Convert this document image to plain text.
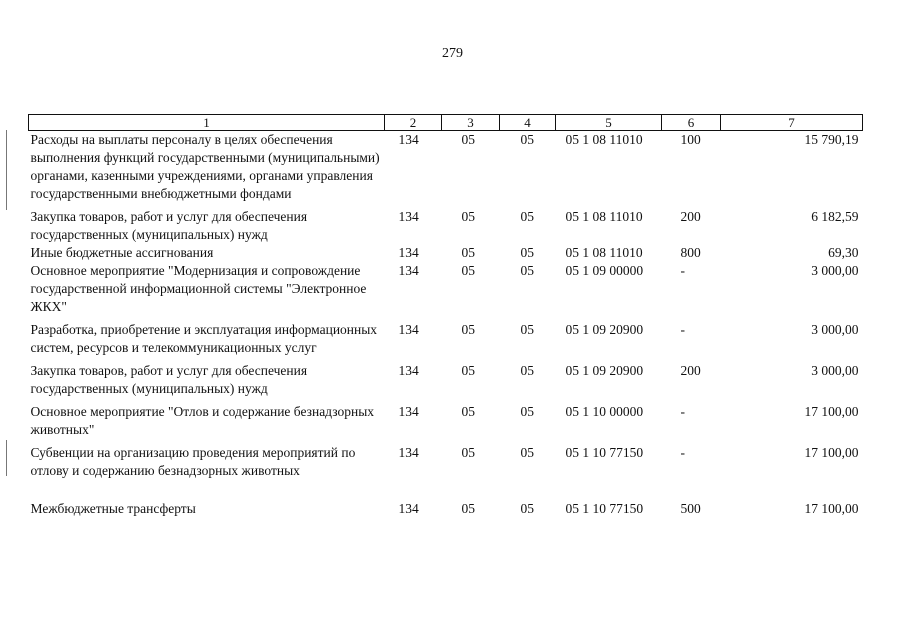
279
1	2	3	4	5	6	7
Расходы на выплаты персоналу в целях обеспечения выполнения функций государственными (муниципальными) органами, казенными учреждениями, органами управления государственными внебюджетными фондами	134	05	05	05 1 08 11010	100	15 790,19
Закупка товаров, работ и услуг для обеспечения государственных (муниципальных) нужд	134	05	05	05 1 08 11010	200	6 182,59
Иные бюджетные ассигнования	134	05	05	05 1 08 11010	800	69,30
Основное мероприятие "Модернизация и сопровождение государственной информационной системы "Электронное ЖКХ"	134	05	05	05 1 09 00000	-	3 000,00
Разработка, приобретение и эксплуатация информационных систем, ресурсов и телекоммуникационных услуг	134	05	05	05 1 09 20900	-	3 000,00
Закупка товаров, работ и услуг для обеспечения государственных (муниципальных) нужд	134	05	05	05 1 09 20900	200	3 000,00
Основное мероприятие "Отлов и содержание безнадзорных животных"	134	05	05	05 1 10 00000	-	17 100,00
Субвенции на организацию проведения мероприятий по отлову и содержанию безнадзорных животных	134	05	05	05 1 10 77150	-	17 100,00
Межбюджетные трансферты	134	05	05	05 1 10 77150	500	17 100,00
